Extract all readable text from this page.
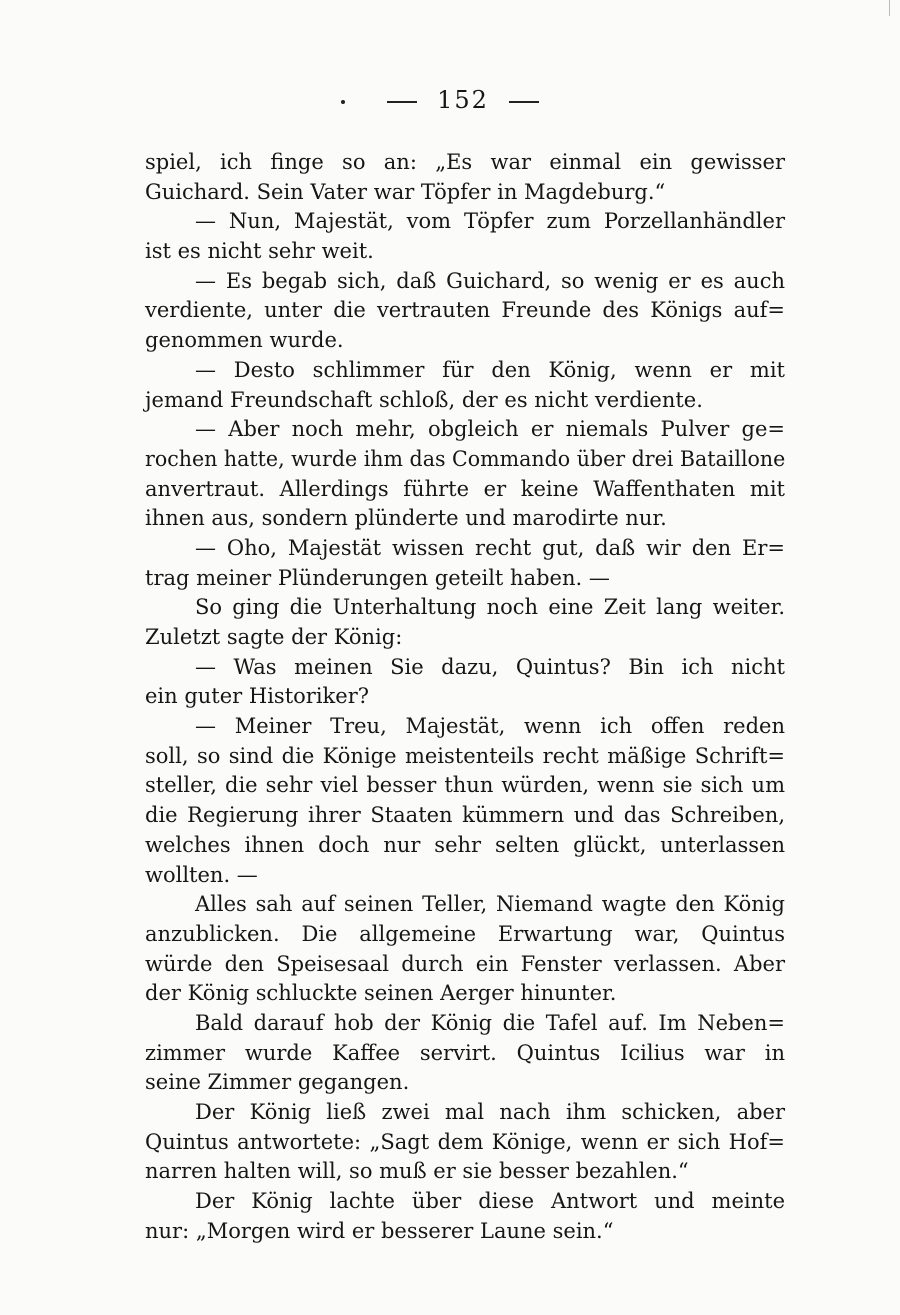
152
spiel, ich finge so an: „Es war einmal ein gewisser
Guichard. Sein Vater war Töpfer in Magdeburg.“
— Nun, Majestät, vom Töpfer zum Porzellanhändler
ist es nicht sehr weit.
— Es begab sich, daß Guichard, so wenig er es auch
verdiente, unter die vertrauten Freunde des Königs auf=
genommen wurde.
— Desto schlimmer für den König, wenn er mit
jemand Freundschaft schloß, der es nicht verdiente.
— Aber noch mehr, obgleich er niemals Pulver ge=
rochen hatte, wurde ihm das Commando über drei Bataillone
anvertraut. Allerdings führte er keine Waffenthaten mit
ihnen aus, sondern plünderte und marodirte nur.
— Oho, Majestät wissen recht gut, daß wir den Er=
trag meiner Plünderungen geteilt haben. —
So ging die Unterhaltung noch eine Zeit lang weiter.
Zuletzt sagte der König:
— Was meinen Sie dazu, Quintus? Bin ich nicht
ein guter Historiker?
— Meiner Treu, Majestät, wenn ich offen reden
soll, so sind die Könige meistenteils recht mäßige Schrift=
steller, die sehr viel besser thun würden, wenn sie sich um
die Regierung ihrer Staaten kümmern und das Schreiben,
welches ihnen doch nur sehr selten glückt, unterlassen
wollten. —
Alles sah auf seinen Teller, Niemand wagte den König
anzublicken. Die allgemeine Erwartung war, Quintus
würde den Speisesaal durch ein Fenster verlassen. Aber
der König schluckte seinen Aerger hinunter.
Bald darauf hob der König die Tafel auf. Im Neben=
zimmer wurde Kaffee servirt. Quintus Icilius war in
seine Zimmer gegangen.
Der König ließ zwei mal nach ihm schicken, aber
Quintus antwortete: „Sagt dem Könige, wenn er sich Hof=
narren halten will, so muß er sie besser bezahlen.“
Der König lachte über diese Antwort und meinte
nur: „Morgen wird er besserer Laune sein.“
